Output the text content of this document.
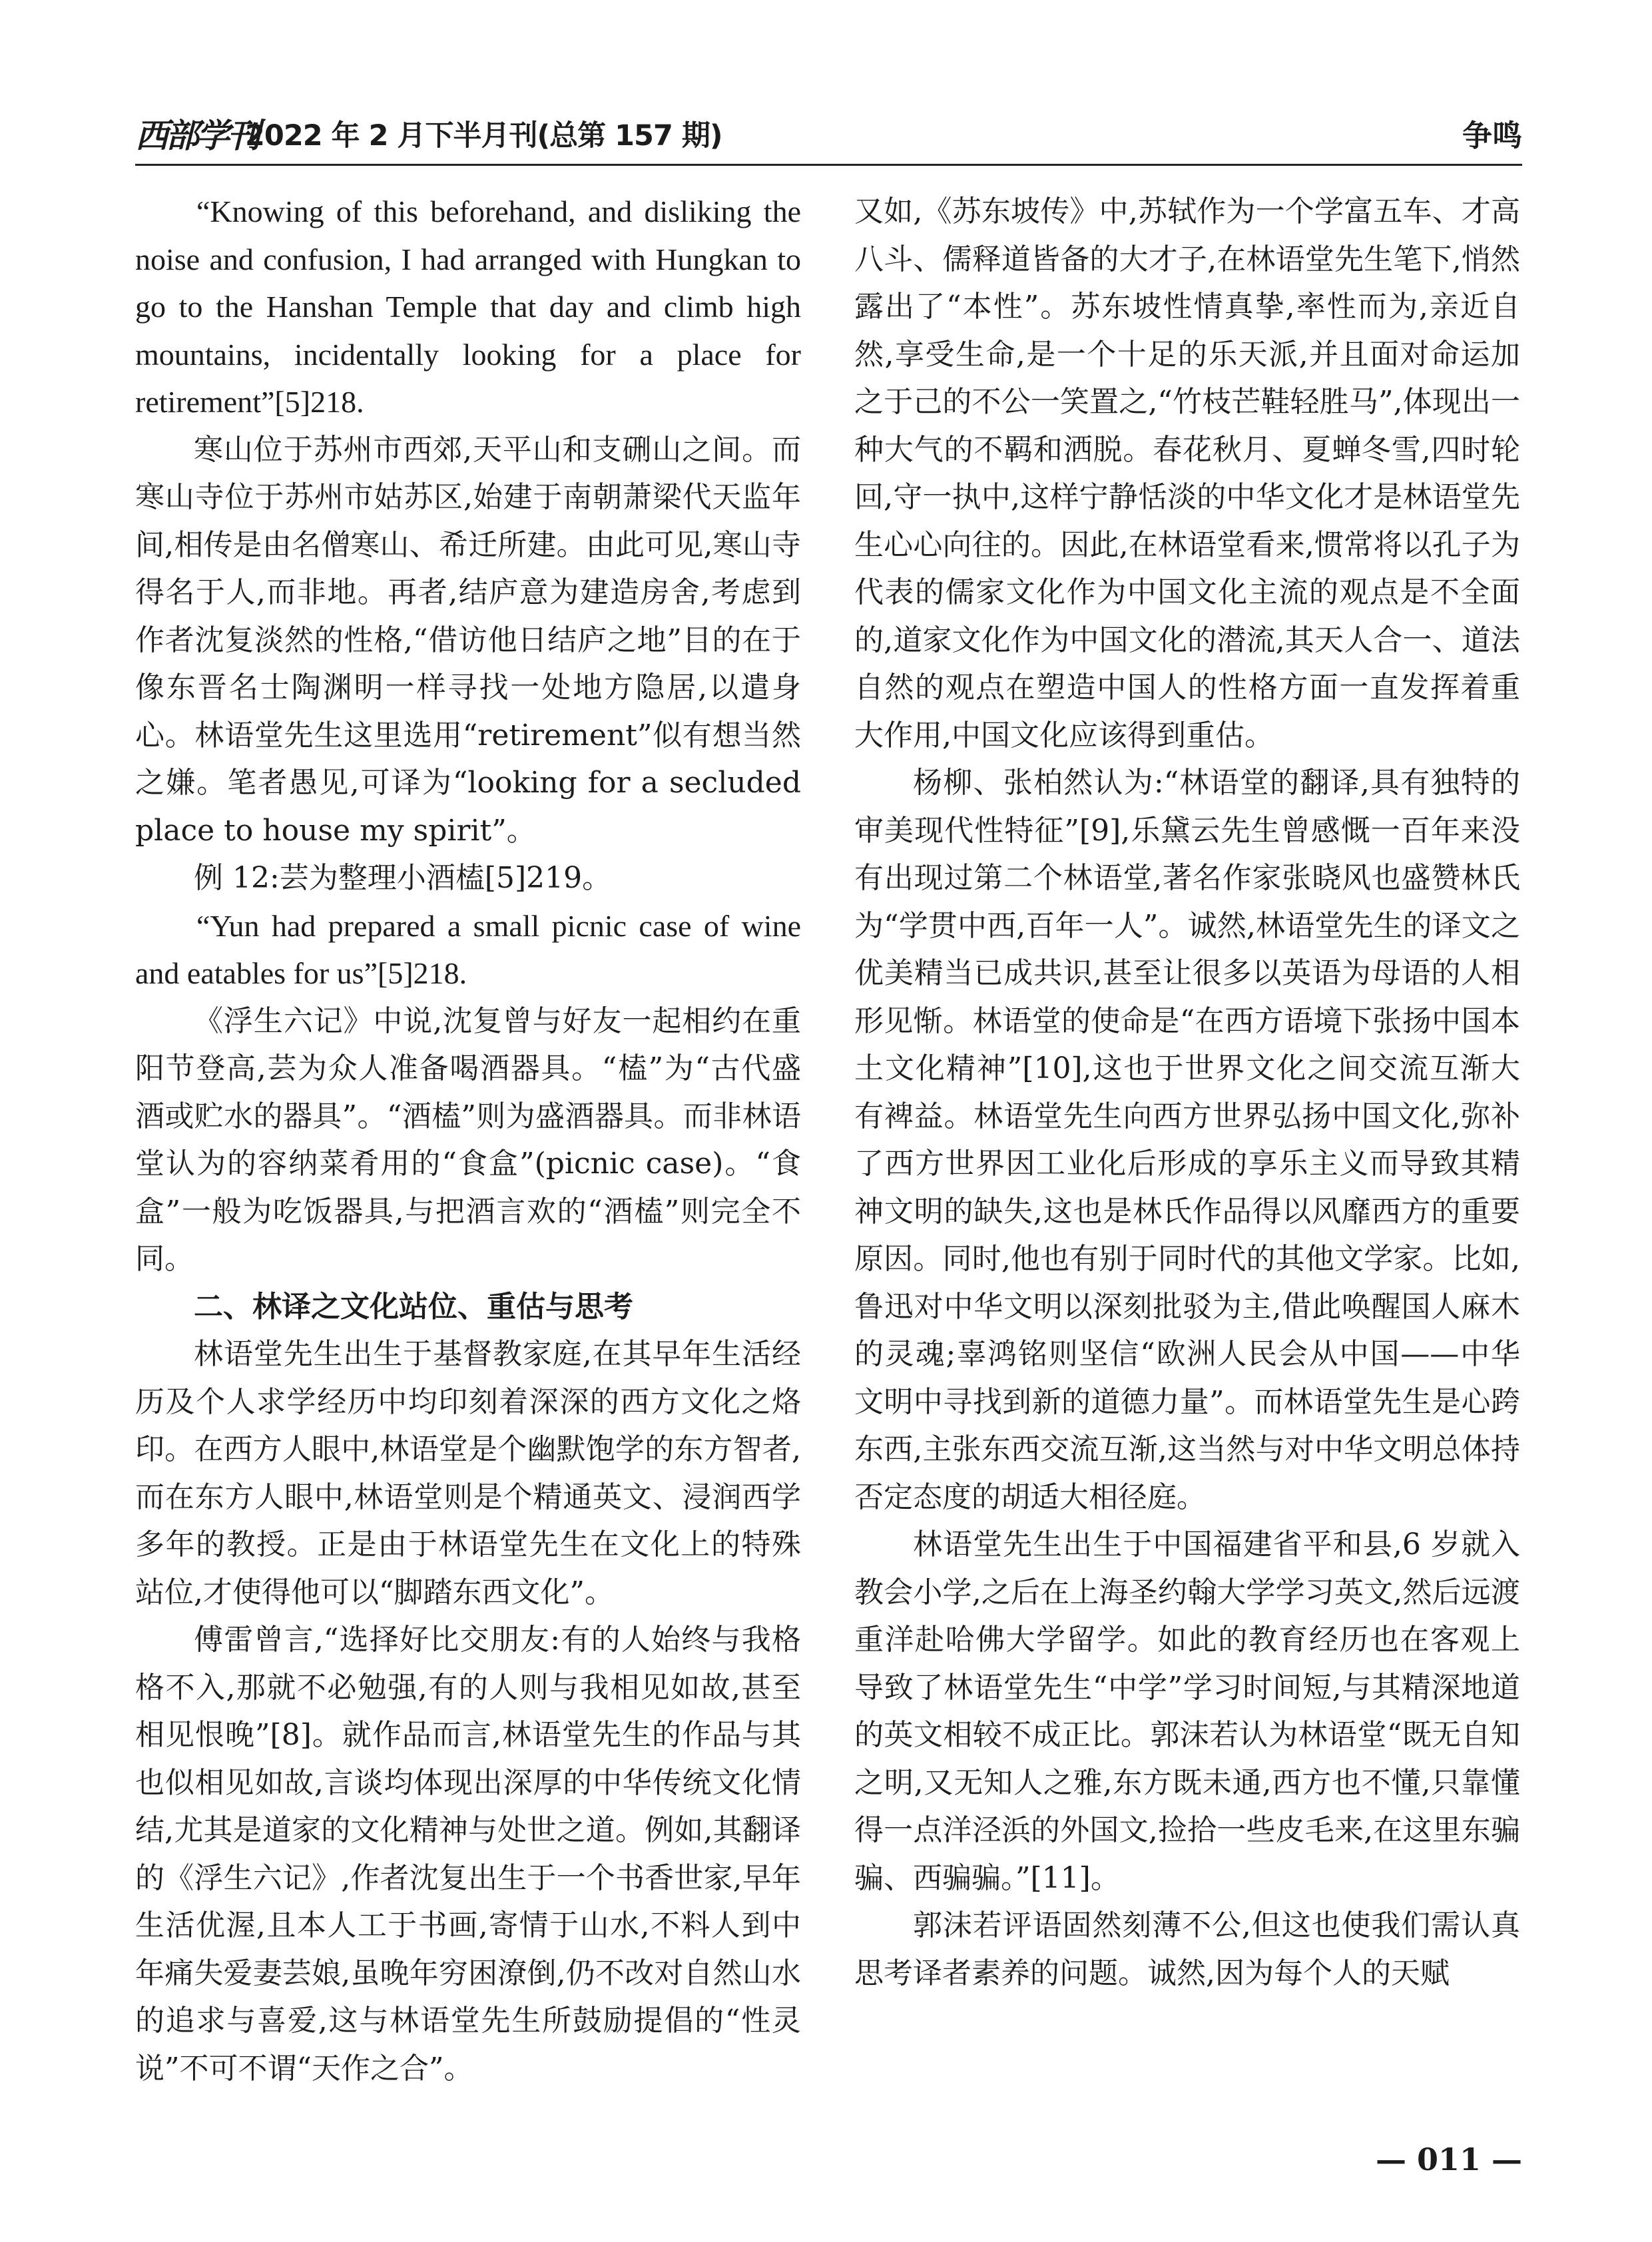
西部学刊
2022 年 2 月下半月刊(总第 157 期)	争鸣

“Knowing of this beforehand, and disliking the noise and confusion, I had arranged with Hungkan to go to the Hanshan Temple that day and climb high mountains, incidentally looking for a place for retirement”[5]218.

寒山位于苏州市西郊,天平山和支硎山之间。而寒山寺位于苏州市姑苏区,始建于南朝萧梁代天监年间,相传是由名僧寒山、希迁所建。由此可见,寒山寺得名于人,而非地。再者,结庐意为建造房舍,考虑到作者沈复淡然的性格,“借访他日结庐之地”目的在于像东晋名士陶渊明一样寻找一处地方隐居,以遣身心。林语堂先生这里选用“retirement”似有想当然之嫌。笔者愚见,可译为“looking for a secluded place to house my spirit”。

例 12:芸为整理小酒榼[5]219。

“Yun had prepared a small picnic case of wine and eatables for us”[5]218.

《浮生六记》中说,沈复曾与好友一起相约在重阳节登高,芸为众人准备喝酒器具。“榼”为“古代盛酒或贮水的器具”。“酒榼”则为盛酒器具。而非林语堂认为的容纳菜肴用的“食盒”(picnic case)。“食盒”一般为吃饭器具,与把酒言欢的“酒榼”则完全不同。

二、林译之文化站位、重估与思考

林语堂先生出生于基督教家庭,在其早年生活经历及个人求学经历中均印刻着深深的西方文化之烙印。在西方人眼中,林语堂是个幽默饱学的东方智者,而在东方人眼中,林语堂则是个精通英文、浸润西学多年的教授。正是由于林语堂先生在文化上的特殊站位,才使得他可以“脚踏东西文化”。

傅雷曾言,“选择好比交朋友:有的人始终与我格格不入,那就不必勉强,有的人则与我相见如故,甚至相见恨晚”[8]。就作品而言,林语堂先生的作品与其也似相见如故,言谈均体现出深厚的中华传统文化情结,尤其是道家的文化精神与处世之道。例如,其翻译的《浮生六记》,作者沈复出生于一个书香世家,早年生活优渥,且本人工于书画,寄情于山水,不料人到中年痛失爱妻芸娘,虽晚年穷困潦倒,仍不改对自然山水的追求与喜爱,这与林语堂先生所鼓励提倡的“性灵说”不可不谓“天作之合”。

又如,《苏东坡传》中,苏轼作为一个学富五车、才高八斗、儒释道皆备的大才子,在林语堂先生笔下,悄然露出了“本性”。苏东坡性情真挚,率性而为,亲近自然,享受生命,是一个十足的乐天派,并且面对命运加之于己的不公一笑置之,“竹枝芒鞋轻胜马”,体现出一种大气的不羁和洒脱。春花秋月、夏蝉冬雪,四时轮回,守一执中,这样宁静恬淡的中华文化才是林语堂先生心心向往的。因此,在林语堂看来,惯常将以孔子为代表的儒家文化作为中国文化主流的观点是不全面的,道家文化作为中国文化的潜流,其天人合一、道法自然的观点在塑造中国人的性格方面一直发挥着重大作用,中国文化应该得到重估。

杨柳、张柏然认为:“林语堂的翻译,具有独特的审美现代性特征”[9],乐黛云先生曾感慨一百年来没有出现过第二个林语堂,著名作家张晓风也盛赞林氏为“学贯中西,百年一人”。诚然,林语堂先生的译文之优美精当已成共识,甚至让很多以英语为母语的人相形见惭。林语堂的使命是“在西方语境下张扬中国本土文化精神”[10],这也于世界文化之间交流互渐大有裨益。林语堂先生向西方世界弘扬中国文化,弥补了西方世界因工业化后形成的享乐主义而导致其精神文明的缺失,这也是林氏作品得以风靡西方的重要原因。同时,他也有别于同时代的其他文学家。比如,鲁迅对中华文明以深刻批驳为主,借此唤醒国人麻木的灵魂;辜鸿铭则坚信“欧洲人民会从中国——中华文明中寻找到新的道德力量”。而林语堂先生是心跨东西,主张东西交流互渐,这当然与对中华文明总体持否定态度的胡适大相径庭。

林语堂先生出生于中国福建省平和县,6 岁就入教会小学,之后在上海圣约翰大学学习英文,然后远渡重洋赴哈佛大学留学。如此的教育经历也在客观上导致了林语堂先生“中学”学习时间短,与其精深地道的英文相较不成正比。郭沫若认为林语堂“既无自知之明,又无知人之雅,东方既未通,西方也不懂,只靠懂得一点洋泾浜的外国文,捡拾一些皮毛来,在这里东骗骗、西骗骗。”[11]。

郭沫若评语固然刻薄不公,但这也使我们需认真思考译者素养的问题。诚然,因为每个人的天赋

— 011 —
